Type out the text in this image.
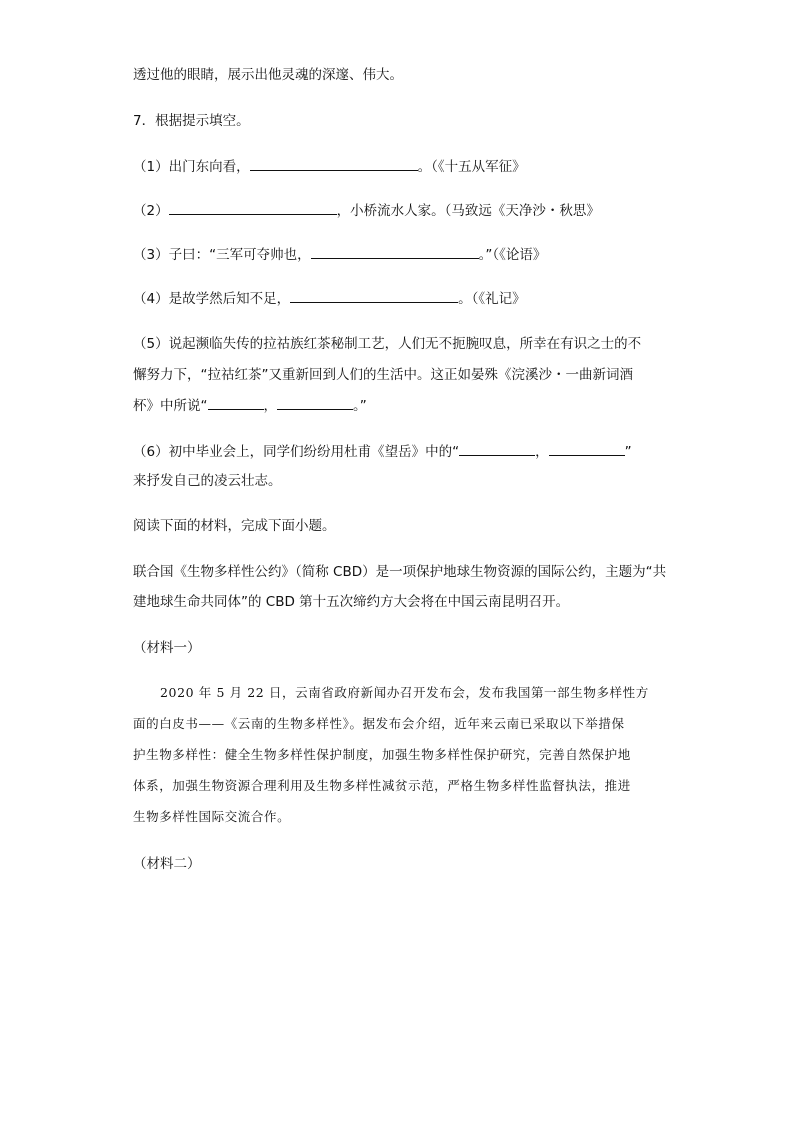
透过他的眼睛，展示出他灵魂的深邃、伟大。
7．根据提示填空。
（1）出门东向看，	。（《十五从军征》
（2）	，小桥流水人家。（马致远《天净沙・秋思》
（3）子曰：“三军可夺帅也，	。”（《论语》
（4）是故学然后知不足，	。（《礼记》
（5）说起濒临失传的拉祜族红茶秘制工艺，人们无不扼腕叹息，所幸在有识之士的不
懈努力下，“拉祜红茶”又重新回到人们的生活中。这正如晏殊《浣溪沙・一曲新词酒
杯》中所说“	，	。”
（6）初中毕业会上，同学们纷纷用杜甫《望岳》中的“	，	”
来抒发自己的凌云壮志。
阅读下面的材料，完成下面小题。
联合国《生物多样性公约》（简称 CBD）是一项保护地球生物资源的国际公约，主题为“共
建地球生命共同体”的 CBD 第十五次缔约方大会将在中国云南昆明召开。
（材料一）
2020 年 5 月 22 日，云南省政府新闻办召开发布会，发布我国第一部生物多样性方
面的白皮书——《云南的生物多样性》。据发布会介绍，近年来云南已采取以下举措保
护生物多样性：健全生物多样性保护制度，加强生物多样性保护研究，完善自然保护地
体系，加强生物资源合理利用及生物多样性减贫示范，严格生物多样性监督执法，推进
生物多样性国际交流合作。
（材料二）
